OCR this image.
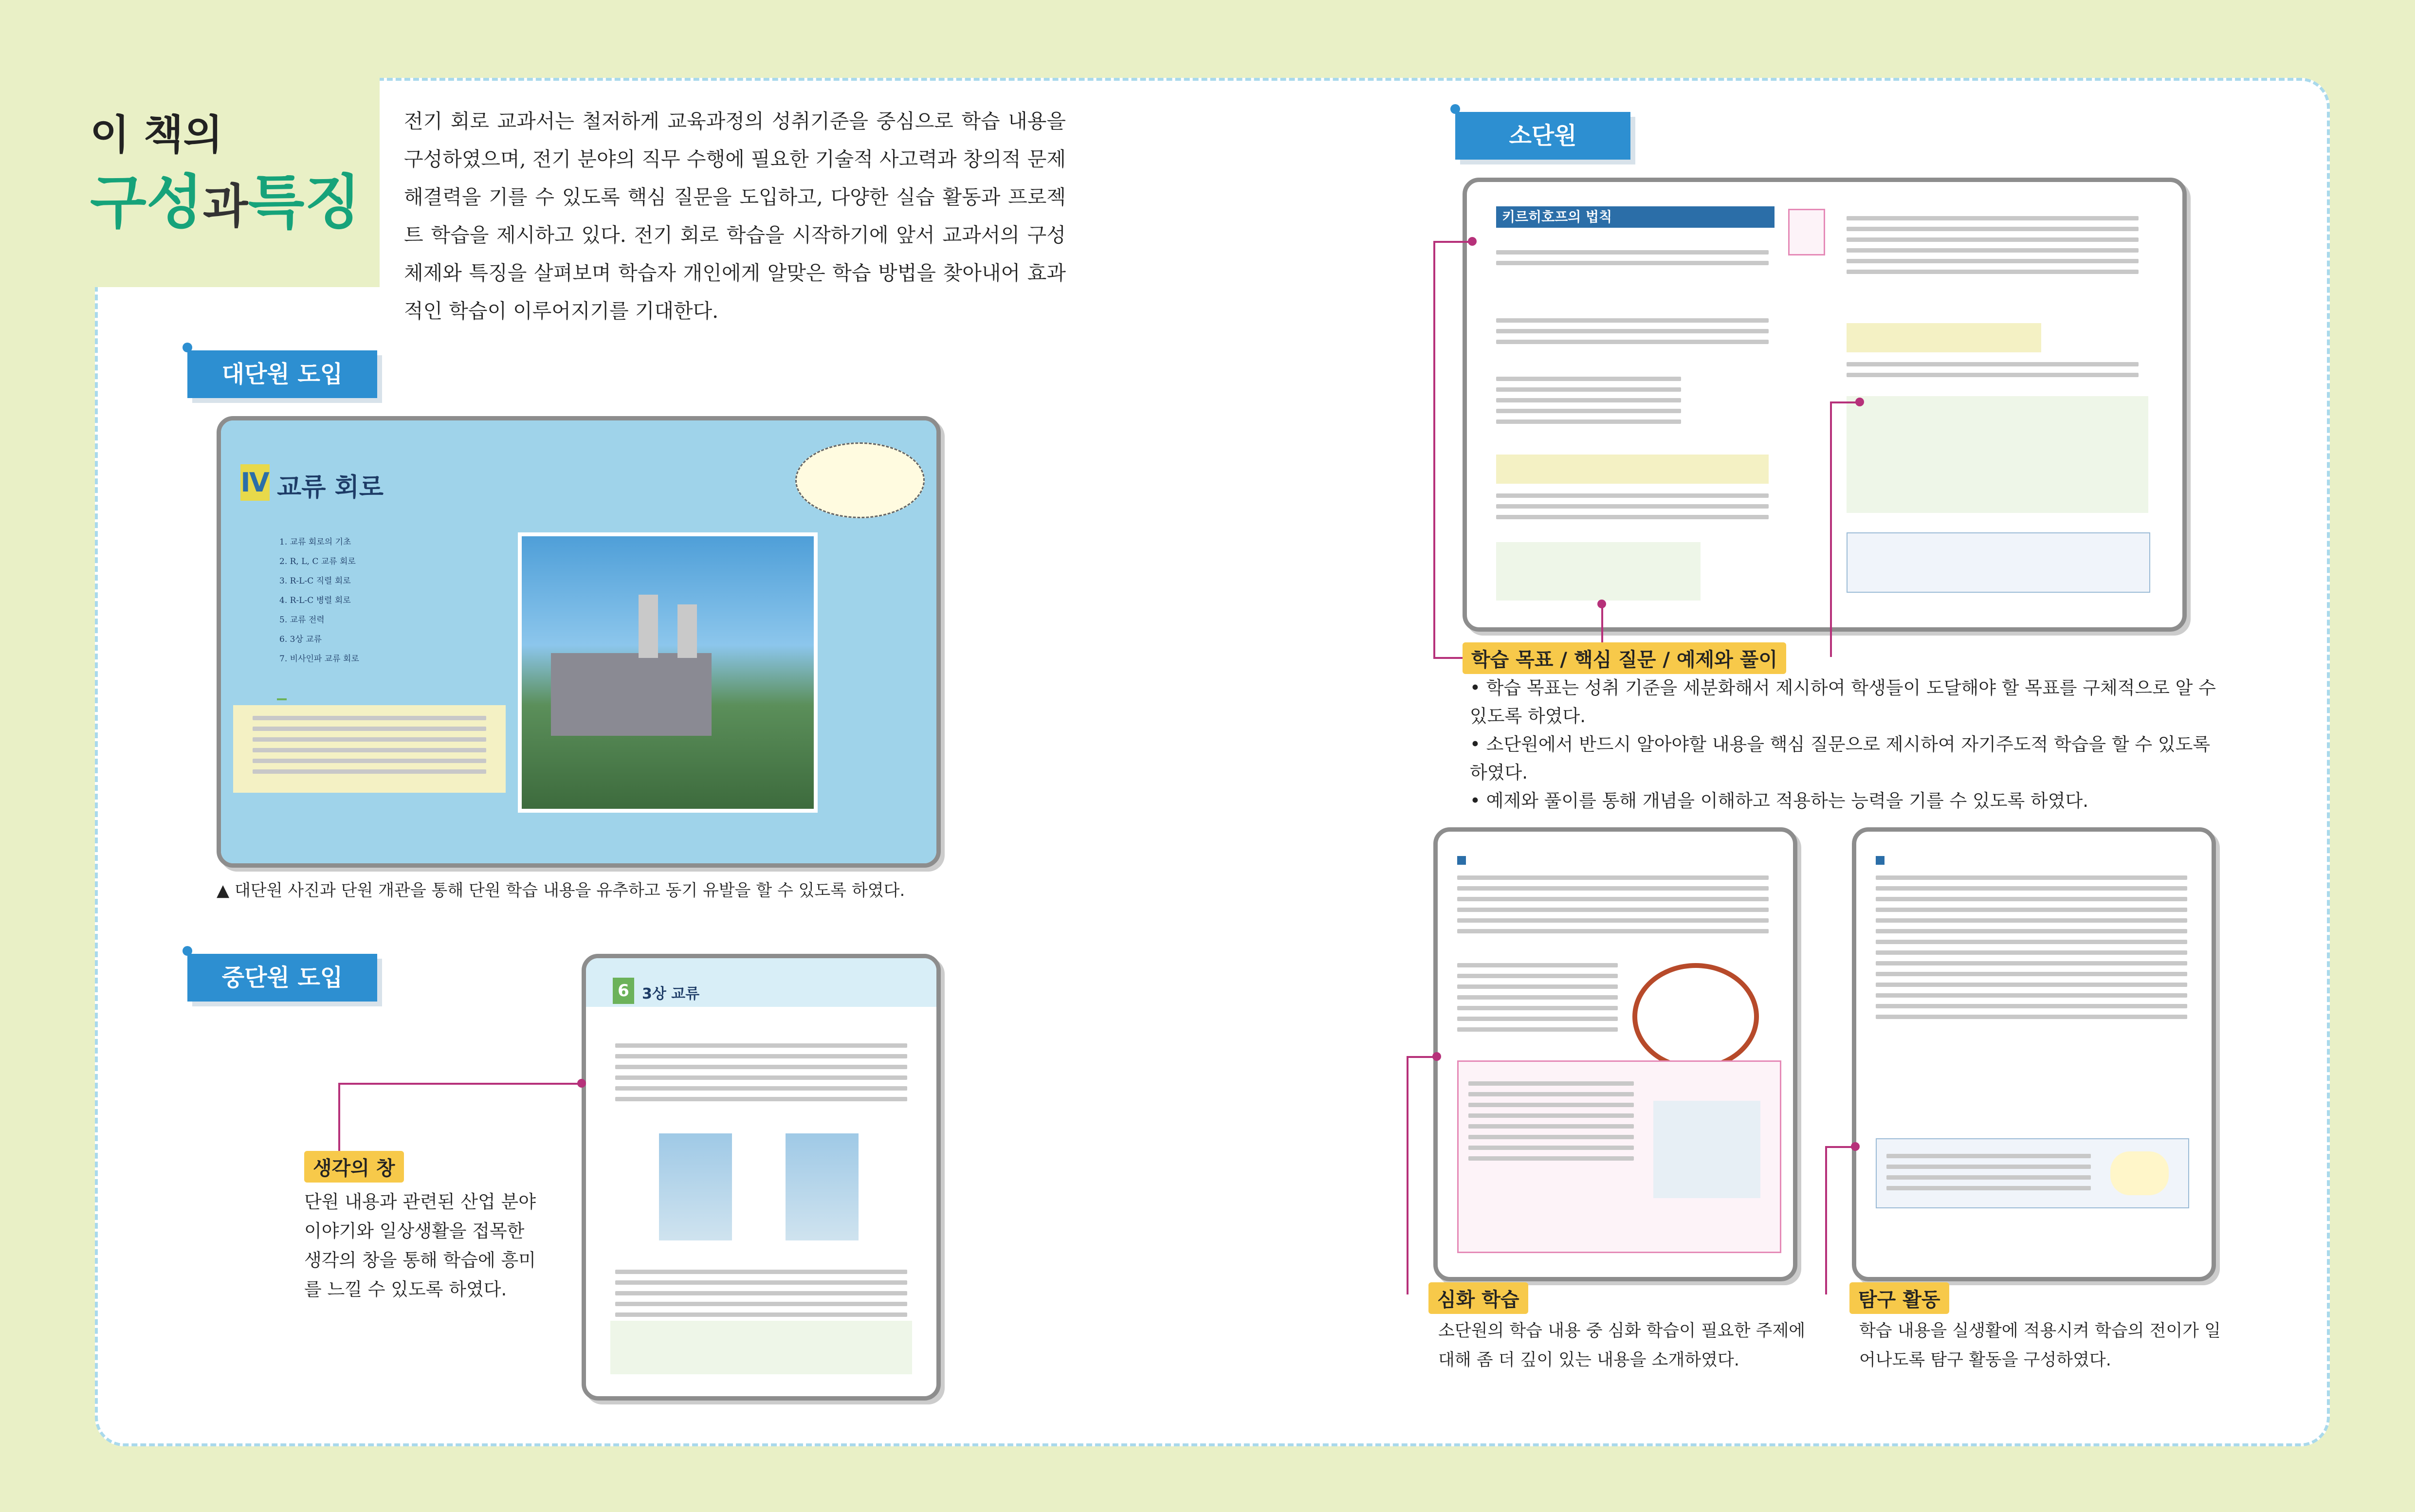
이 책의
구성과특징
전기 회로 교과서는 철저하게 교육과정의 성취기준을 중심으로 학습 내용을 구성하였으며, 전기 분야의 직무 수행에 필요한 기술적 사고력과 창의적 문제 해결력을 기를 수 있도록 핵심 질문을 도입하고, 다양한 실습 활동과 프로젝트 학습을 제시하고 있다. 전기 회로 학습을 시작하기에 앞서 교과서의 구성 체제와 특징을 살펴보며 학습자 개인에게 알맞은 학습 방법을 찾아내어 효과적인 학습이 이루어지기를 기대한다.
대단원 도입
Ⅳ 교류 회로
1. 교류 회로의 기초
2. R, L, C 교류 회로
3. R-L-C 직렬 회로
4. R-L-C 병렬 회로
5. 교류 전력
6. 3상 교류
7. 비사인파 교류 회로
▲ 대단원 사진과 단원 개관을 통해 단원 학습 내용을 유추하고 동기 유발을 할 수 있도록 하였다.
중단원 도입	6 3상 교류
생각의 창
단원 내용과 관련된 산업 분야 이야기와 일상생활을 접목한 생각의 창을 통해 학습에 흥미를 느낄 수 있도록 하였다.
소단원
키르히호프의 법칙
학습 목표 / 핵심 질문 / 예제와 풀이
• 학습 목표는 성취 기준을 세분화해서 제시하여 학생들이 도달해야 할 목표를 구체적으로 알 수 있도록 하였다.
• 소단원에서 반드시 알아야할 내용을 핵심 질문으로 제시하여 자기주도적 학습을 할 수 있도록 하였다.
• 예제와 풀이를 통해 개념을 이해하고 적용하는 능력을 기를 수 있도록 하였다.
심화 학습
소단원의 학습 내용 중 심화 학습이 필요한 주제에 대해 좀 더 깊이 있는 내용을 소개하였다.
탐구 활동
학습 내용을 실생활에 적용시켜 학습의 전이가 일어나도록 탐구 활동을 구성하였다.
